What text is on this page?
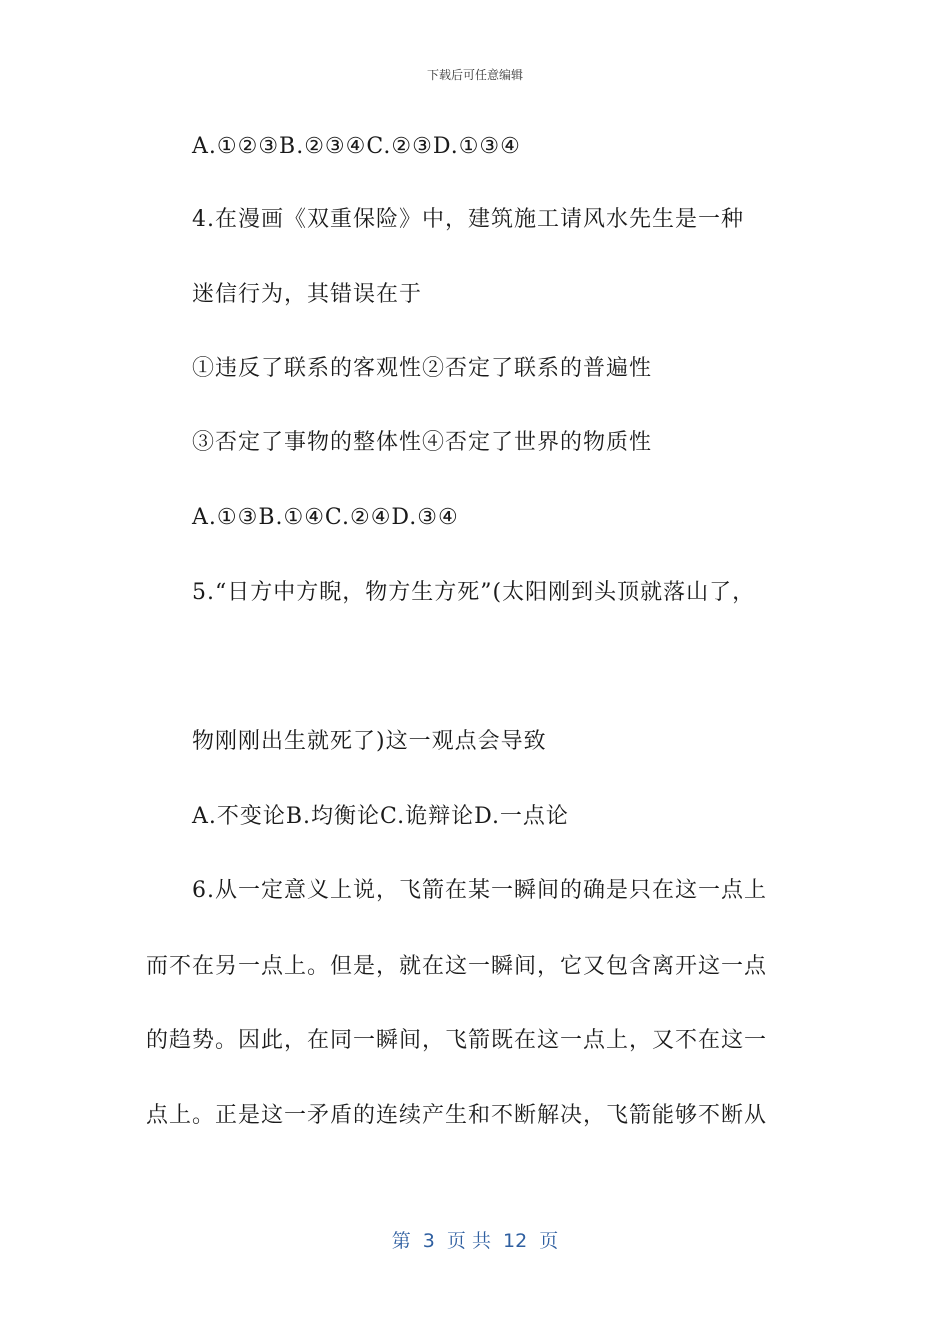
下载后可任意编辑
A.①②③B.②③④C.②③D.①③④
4.在漫画《双重保险》中，建筑施工请风水先生是一种
迷信行为，其错误在于
①违反了联系的客观性②否定了联系的普遍性
③否定了事物的整体性④否定了世界的物质性
A.①③B.①④C.②④D.③④
5.“日方中方睨，物方生方死”(太阳刚到头顶就落山了，
物刚刚出生就死了)这一观点会导致
A.不变论B.均衡论C.诡辩论D.一点论
6.从一定意义上说，飞箭在某一瞬间的确是只在这一点上
而不在另一点上。但是，就在这一瞬间，它又包含离开这一点
的趋势。因此，在同一瞬间，飞箭既在这一点上，又不在这一
点上。正是这一矛盾的连续产生和不断解决，飞箭能够不断从
第  3  页 共  12  页
